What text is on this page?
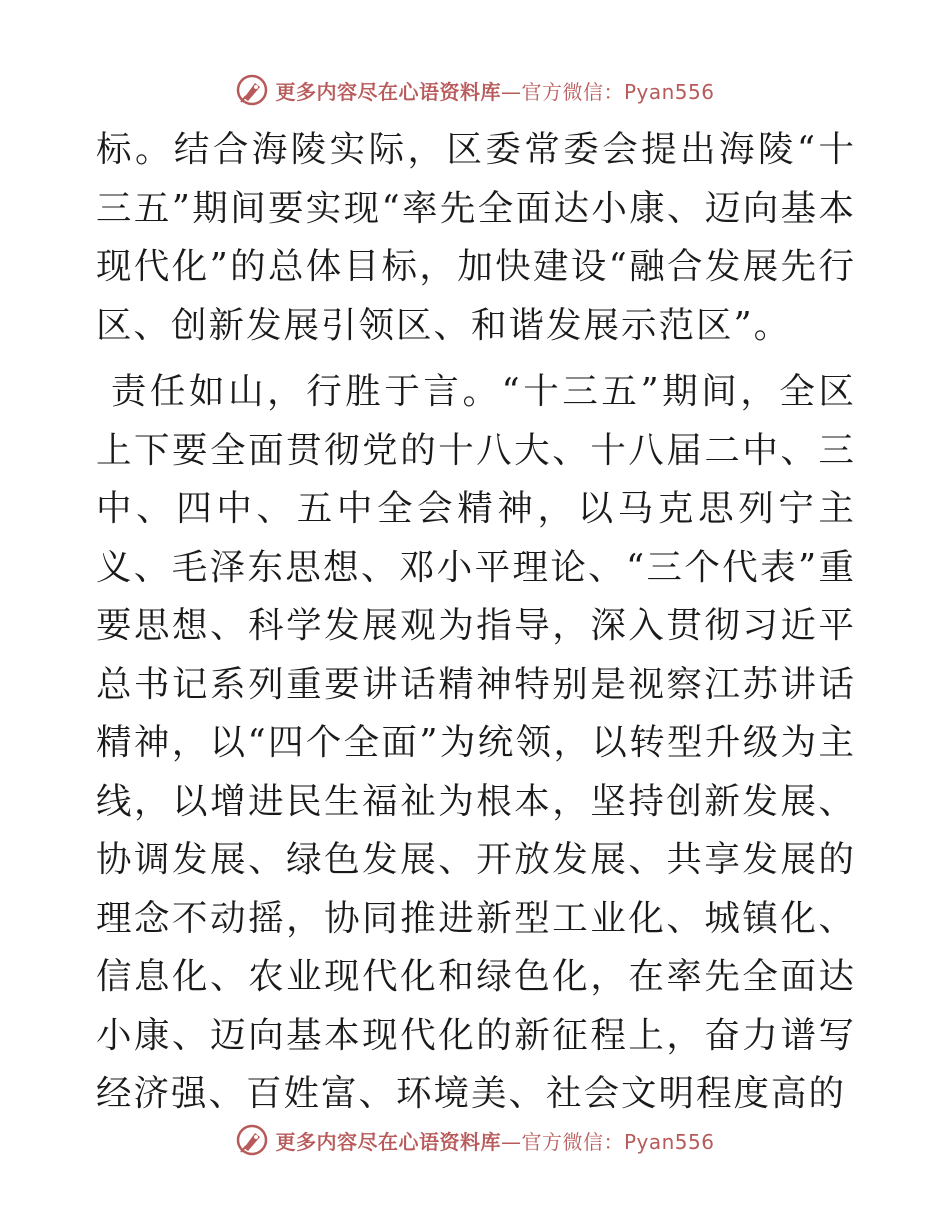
更多内容尽在心语资料库—官方微信：Pyan556

标。结合海陵实际，区委常委会提出海陵“十三五”期间要实现“率先全面达小康、迈向基本现代化”的总体目标，加快建设“融合发展先行区、创新发展引领区、和谐发展示范区”。

责任如山，行胜于言。“十三五”期间，全区上下要全面贯彻党的十八大、十八届二中、三中、四中、五中全会精神，以马克思列宁主义、毛泽东思想、邓小平理论、“三个代表”重要思想、科学发展观为指导，深入贯彻习近平总书记系列重要讲话精神特别是视察江苏讲话精神，以“四个全面”为统领，以转型升级为主线，以增进民生福祉为根本，坚持创新发展、协调发展、绿色发展、开放发展、共享发展的理念不动摇，协同推进新型工业化、城镇化、信息化、农业现代化和绿色化，在率先全面达小康、迈向基本现代化的新征程上，奋力谱写经济强、百姓富、环境美、社会文明程度高的

更多内容尽在心语资料库—官方微信：Pyan556
